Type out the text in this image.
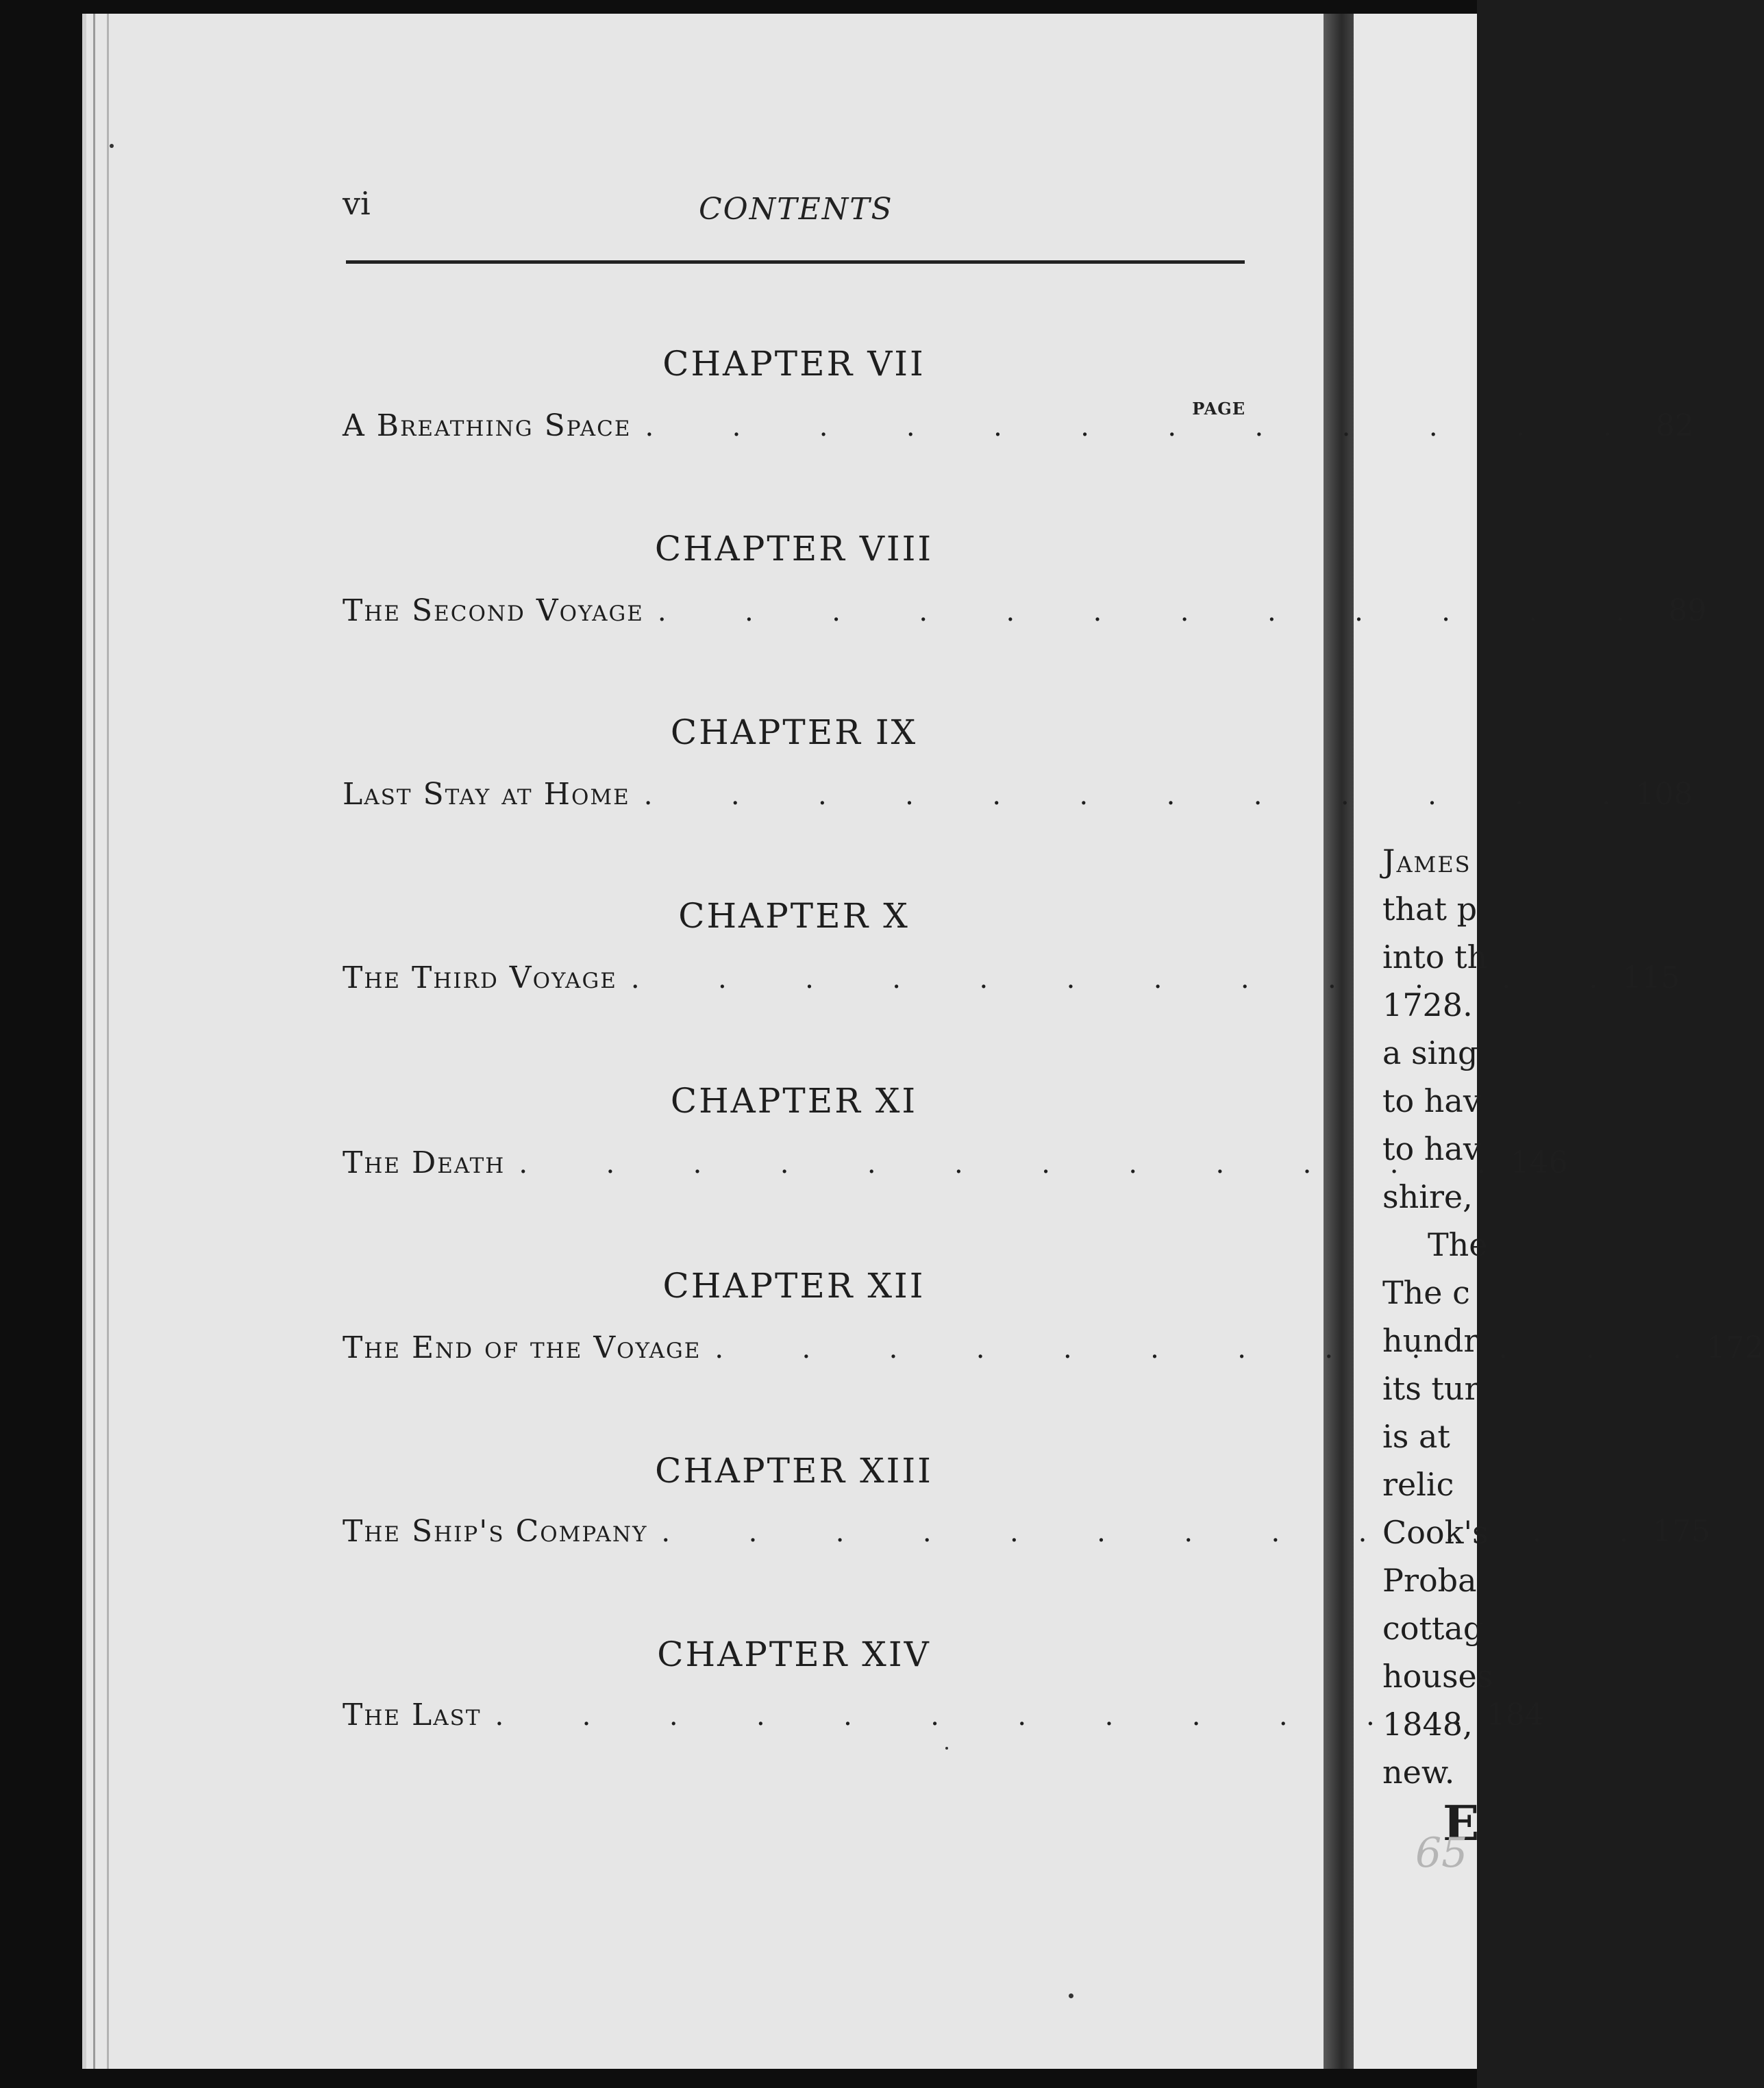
James
that p
into th
1728.
a sing
to hav
to hav
shire,
The
The c
hundr
its tur
is at
relic
Cook's
Proba
cottag
houses
1848,
new.
E
65
vi	CONTENTS
CHAPTER VII
PAGE
A Breathing Space .	82
CHAPTER VIII
The Second Voyage .	89
CHAPTER IX
Last Stay at Home .	108
CHAPTER X
The Third Voyage .	115
CHAPTER XI
The Death .	146
CHAPTER XII
The End of the Voyage .	172
CHAPTER XIII
The Ship's Company .	175
CHAPTER XIV
The Last .	184
